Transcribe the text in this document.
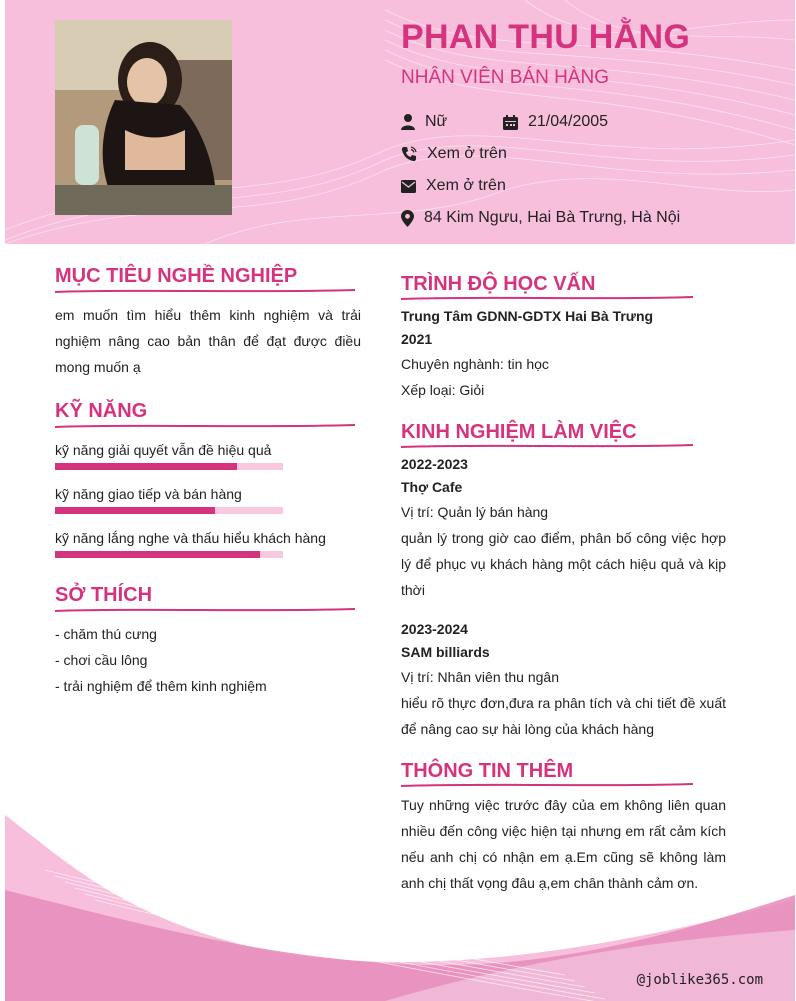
PHAN THU HẰNG
NHÂN VIÊN BÁN HÀNG
Nữ	21/04/2005
Xem ở trên
Xem ở trên
84 Kim Ngưu, Hai Bà Trưng, Hà Nội
MỤC TIÊU NGHỀ NGHIỆP

em muốn tìm hiểu thêm kinh nghiệm và trải nghiệm nâng cao bản thân để đạt được điều mong muốn ạ

KỸ NĂNG
kỹ năng giải quyết vẫn đề hiệu quả
kỹ năng giao tiếp và bán hàng
kỹ năng lắng nghe và thấu hiểu khách hàng
SỞ THÍCH
- chăm thú cưng
- chơi cầu lông
- trải nghiệm để thêm kinh nghiệm
TRÌNH ĐỘ HỌC VẤN
Trung Tâm GDNN-GDTX Hai Bà Trưng
2021
Chuyên nghành: tin học
Xếp loại: Giỏi
KINH NGHIỆM LÀM VIỆC
2022-2023
Thợ Cafe
Vị trí: Quản lý bán hàng

quản lý trong giờ cao điểm, phân bố công việc hợp lý để phục vụ khách hàng một cách hiệu quả và kịp thời

2023-2024
SAM billiards
Vị trí: Nhân viên thu ngân

hiểu rõ thực đơn,đưa ra phân tích và chi tiết đề xuất để nâng cao sự hài lòng của khách hàng

THÔNG TIN THÊM

Tuy những việc trước đây của em không liên quan nhiều đến công việc hiện tại nhưng em rất cảm kích nếu anh chị có nhận em ạ.Em cũng sẽ không làm anh chị thất vọng đâu ạ,em chân thành cảm ơn.

@joblike365.com
